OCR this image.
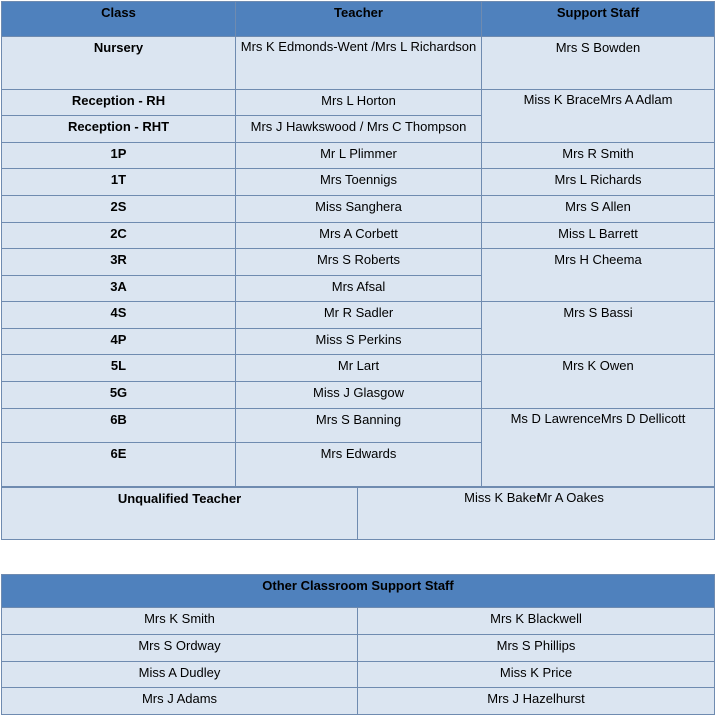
Class	Teacher	Support Staff

Nursery	Mrs K Edmonds-Went /Mrs L Richardson	Mrs S Bowden

Reception - RH	Mrs L Horton	Miss K BraceMrs A Adlam

Reception - RHT	Mrs J Hawkswood / Mrs C Thompson	

1P	Mr L Plimmer	Mrs R Smith

1T	Mrs Toennigs	Mrs L Richards

2S	Miss Sanghera	Mrs S Allen

2C	Mrs A Corbett	Miss L Barrett

3R	Mrs S Roberts	Mrs H Cheema

3A	Mrs Afsal	

4S	Mr R Sadler	Mrs S Bassi

4P	Miss S Perkins	

5L	Mr Lart	Mrs K Owen

5G	Miss J Glasgow	

6B	Mrs S Banning	Ms D LawrenceMrs D Dellicott

6E	Mrs Edwards	
Unqualified Teacher	Miss K BakerMr A Oakes
Other Classroom Support Staff	

Mrs K Smith	Mrs K Blackwell

Mrs S Ordway	Mrs S Phillips

Miss A Dudley	Miss K Price

Mrs J Adams	Mrs J Hazelhurst
